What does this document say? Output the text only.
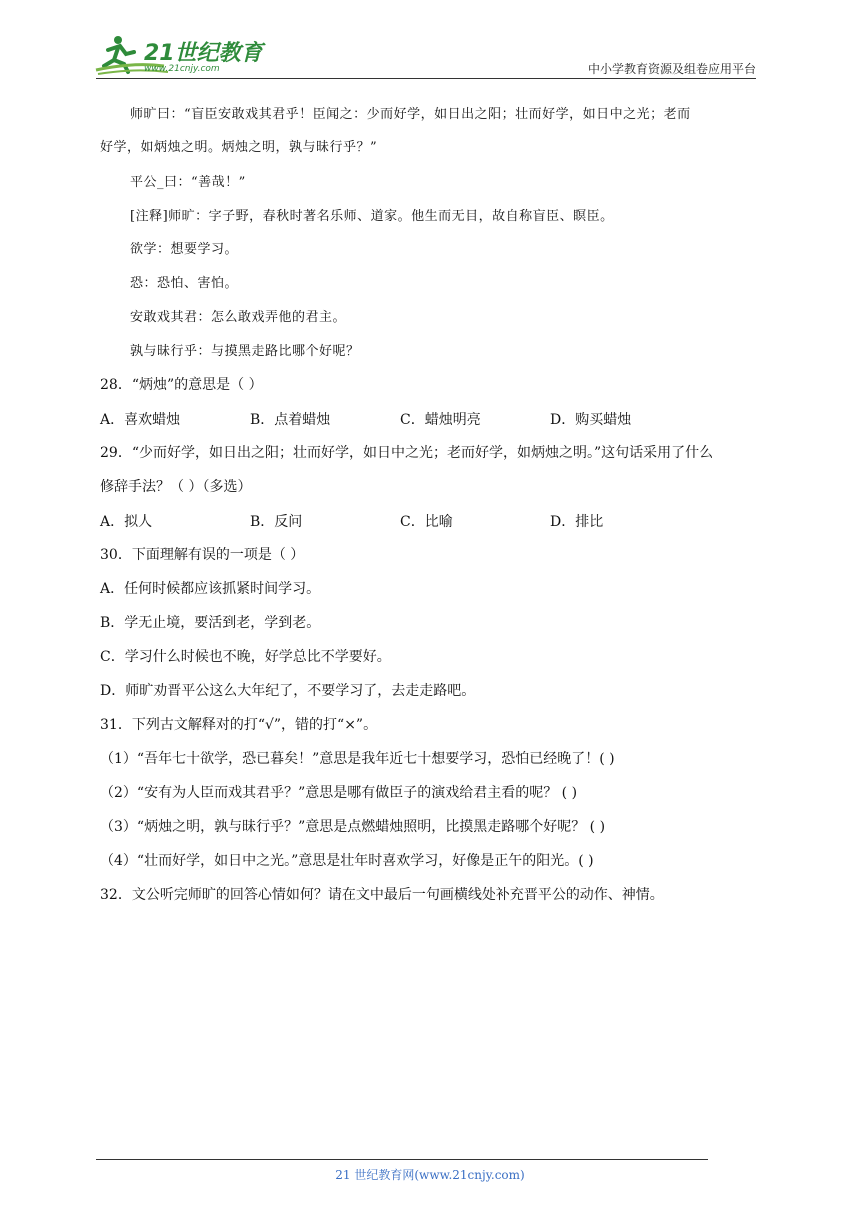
21世纪教育
www.21cnjy.com	中小学教育资源及组卷应用平台

师旷曰：“盲臣安敢戏其君乎！臣闻之：少而好学，如日出之阳；壮而好学，如日中之光；老而

好学，如炳烛之明。炳烛之明，孰与昧行乎？”

平公_曰：“善哉！”

[注释]师旷：字子野，春秋时著名乐师、道家。他生而无目，故自称盲臣、瞑臣。

欲学：想要学习。

恐：恐怕、害怕。

安敢戏其君：怎么敢戏弄他的君主。

孰与昧行乎：与摸黑走路比哪个好呢？

28．“炳烛”的意思是（ ）

A．喜欢蜡烛	B．点着蜡烛	C．蜡烛明亮	D．购买蜡烛

29．“少而好学，如日出之阳；壮而好学，如日中之光；老而好学，如炳烛之明。”这句话采用了什么

修辞手法？（ ）（多选）

A．拟人	B．反问	C．比喻	D．排比

30．下面理解有误的一项是（ ）

A．任何时候都应该抓紧时间学习。

B．学无止境，要活到老，学到老。

C．学习什么时候也不晚，好学总比不学要好。

D．师旷劝晋平公这么大年纪了，不要学习了，去走走路吧。

31．下列古文解释对的打“√”，错的打“×”。

（1）“吾年七十欲学，恐已暮矣！”意思是我年近七十想要学习，恐怕已经晚了！( )

（2）“安有为人臣而戏其君乎？”意思是哪有做臣子的演戏给君主看的呢？ ( )

（3）“炳烛之明，孰与昧行乎？”意思是点燃蜡烛照明，比摸黑走路哪个好呢？ ( )

（4）“壮而好学，如日中之光。”意思是壮年时喜欢学习，好像是正午的阳光。( )

32．文公听完师旷的回答心情如何？请在文中最后一句画横线处补充晋平公的动作、神情。

21 世纪教育网(www.21cnjy.com)
